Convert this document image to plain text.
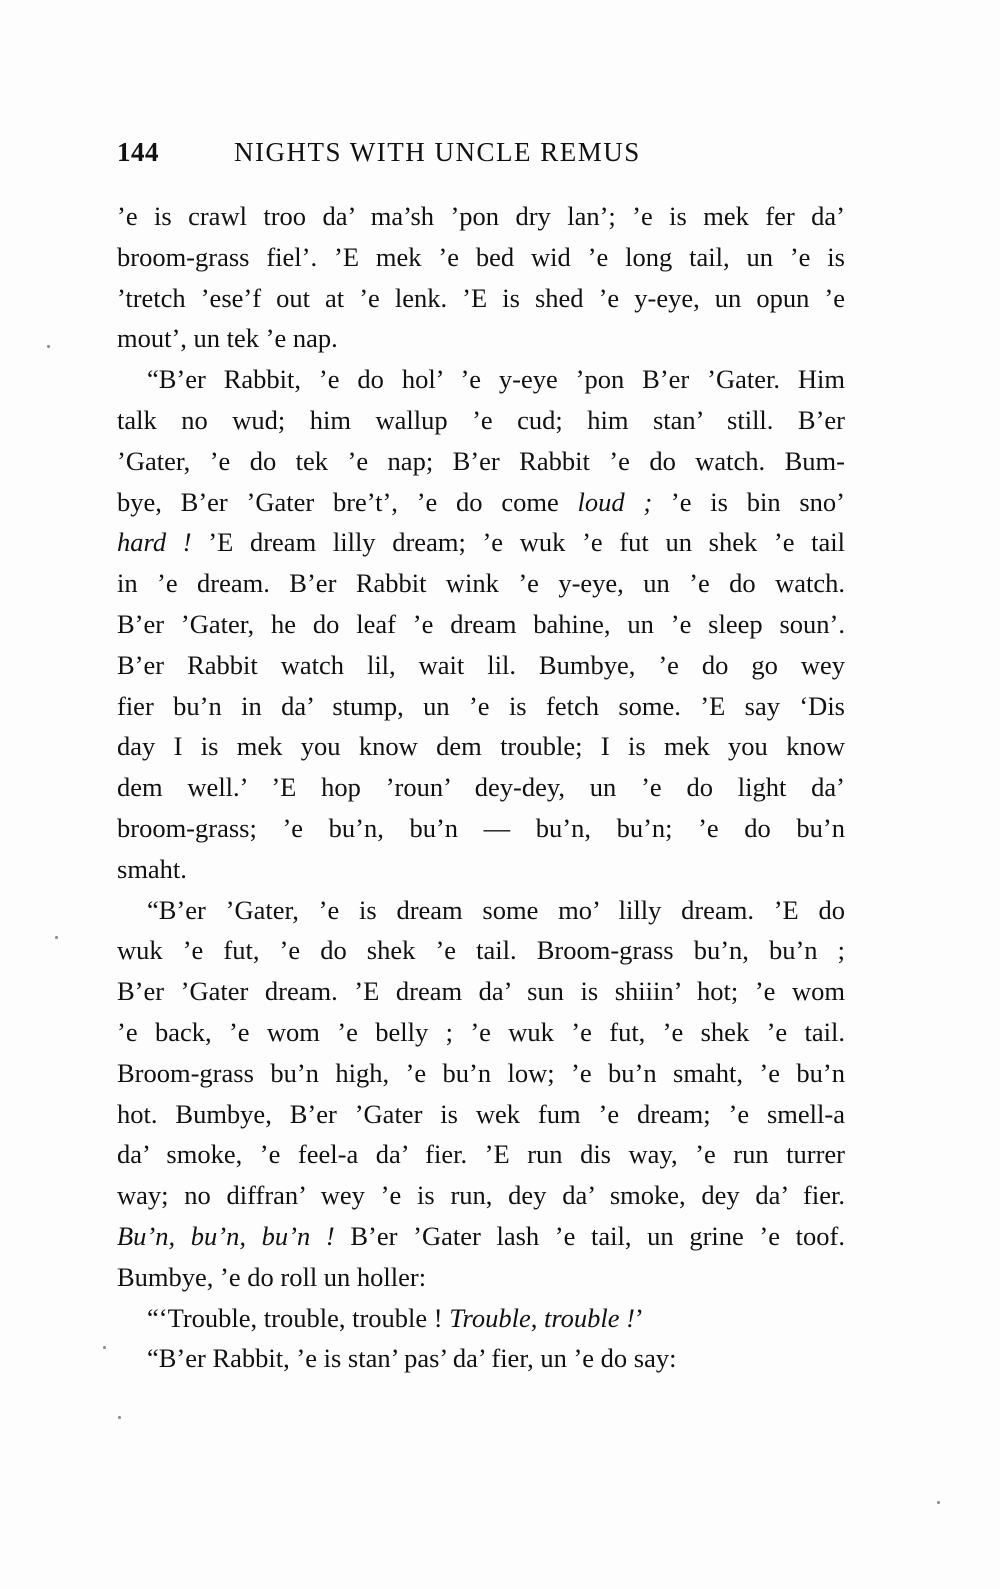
144	NIGHTS WITH UNCLE REMUS
’e is crawl troo da’ ma’sh ’pon dry lan’; ’e is mek fer da’
broom-grass fiel’. ’E mek ’e bed wid ’e long tail, un ’e is
’tretch ’ese’f out at ’e lenk. ’E is shed ’e y-eye, un opun ’e
mout’, un tek ’e nap.
“B’er Rabbit, ’e do hol’ ’e y-eye ’pon B’er ’Gater. Him
talk no wud; him wallup ’e cud; him stan’ still. B’er
’Gater, ’e do tek ’e nap; B’er Rabbit ’e do watch. Bum-
bye, B’er ’Gater bre’t’, ’e do come loud ; ’e is bin sno’
hard ! ’E dream lilly dream; ’e wuk ’e fut un shek ’e tail
in ’e dream. B’er Rabbit wink ’e y-eye, un ’e do watch.
B’er ’Gater, he do leaf ’e dream bahine, un ’e sleep soun’.
B’er Rabbit watch lil, wait lil. Bumbye, ’e do go wey
fier bu’n in da’ stump, un ’e is fetch some. ’E say ‘Dis
day I is mek you know dem trouble; I is mek you know
dem well.’ ’E hop ’roun’ dey-dey, un ’e do light da’
broom-grass; ’e bu’n, bu’n — bu’n, bu’n; ’e do bu’n
smaht.
“B’er ’Gater, ’e is dream some mo’ lilly dream. ’E do
wuk ’e fut, ’e do shek ’e tail. Broom-grass bu’n, bu’n ;
B’er ’Gater dream. ’E dream da’ sun is shiiin’ hot; ’e wom
’e back, ’e wom ’e belly ; ’e wuk ’e fut, ’e shek ’e tail.
Broom-grass bu’n high, ’e bu’n low; ’e bu’n smaht, ’e bu’n
hot. Bumbye, B’er ’Gater is wek fum ’e dream; ’e smell-a
da’ smoke, ’e feel-a da’ fier. ’E run dis way, ’e run turrer
way; no diffran’ wey ’e is run, dey da’ smoke, dey da’ fier.
Bu’n, bu’n, bu’n ! B’er ’Gater lash ’e tail, un grine ’e toof.
Bumbye, ’e do roll un holler:
“‘Trouble, trouble, trouble ! Trouble, trouble !’
“B’er Rabbit, ’e is stan’ pas’ da’ fier, un ’e do say:
